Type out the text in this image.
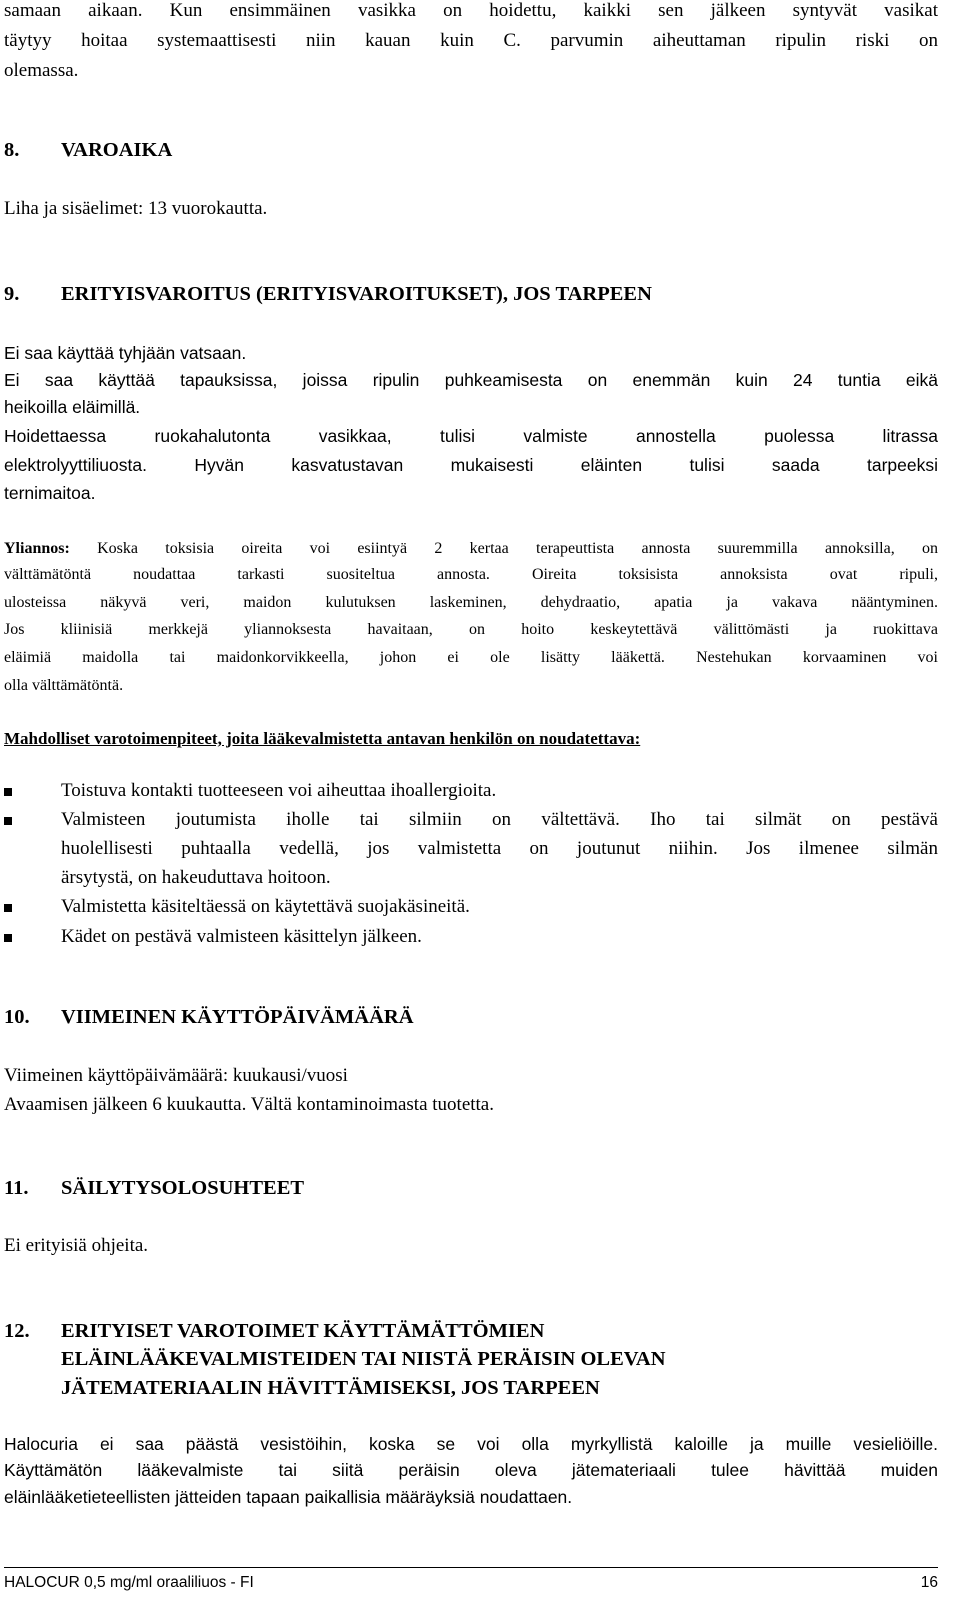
samaan aikaan. Kun ensimmäinen vasikka on hoidettu, kaikki sen jälkeen syntyvät vasikat
täytyy hoitaa systemaattisesti niin kauan kuin C. parvumin aiheuttaman ripulin riski on
olemassa.
8. VAROAIKA
Liha ja sisäelimet: 13 vuorokautta.
9. ERITYISVAROITUS (ERITYISVAROITUKSET), JOS TARPEEN
Ei saa käyttää tyhjään vatsaan.
Ei saa käyttää tapauksissa, joissa ripulin puhkeamisesta on enemmän kuin 24 tuntia eikä
heikoilla eläimillä.
Hoidettaessa ruokahalutonta vasikkaa, tulisi valmiste annostella puolessa litrassa
elektrolyyttiliuosta. Hyvän kasvatustavan mukaisesti eläinten tulisi saada tarpeeksi
ternimaitoa.
Yliannos: Koska toksisia oireita voi esiintyä 2 kertaa terapeuttista annosta suuremmilla annoksilla, on
välttämätöntä noudattaa tarkasti suositeltua annosta. Oireita toksisista annoksista ovat ripuli,
ulosteissa näkyvä veri, maidon kulutuksen laskeminen, dehydraatio, apatia ja vakava nääntyminen.
Jos kliinisiä merkkejä yliannoksesta havaitaan, on hoito keskeytettävä välittömästi ja ruokittava
eläimiä maidolla tai maidonkorvikkeella, johon ei ole lisätty lääkettä. Nestehukan korvaaminen voi
olla välttämätöntä.
Mahdolliset varotoimenpiteet, joita lääkevalmistetta antavan henkilön on noudatettava:
Toistuva kontakti tuotteeseen voi aiheuttaa ihoallergioita.
Valmisteen joutumista iholle tai silmiin on vältettävä. Iho tai silmät on pestävä
huolellisesti puhtaalla vedellä, jos valmistetta on joutunut niihin. Jos ilmenee silmän
ärsytystä, on hakeuduttava hoitoon.
Valmistetta käsiteltäessä on käytettävä suojakäsineitä.
Kädet on pestävä valmisteen käsittelyn jälkeen.
10. VIIMEINEN KÄYTTÖPÄIVÄMÄÄRÄ
Viimeinen käyttöpäivämäärä: kuukausi/vuosi
Avaamisen jälkeen 6 kuukautta. Vältä kontaminoimasta tuotetta.
11. SÄILYTYSOLOSUHTEET
Ei erityisiä ohjeita.
12. ERITYISET VAROTOIMET KÄYTTÄMÄTTÖMIEN
ELÄINLÄÄKEVALMISTEIDEN TAI NIISTÄ PERÄISIN OLEVAN
JÄTEMATERIAALIN HÄVITTÄMISEKSI, JOS TARPEEN
Halocuria ei saa päästä vesistöihin, koska se voi olla myrkyllistä kaloille ja muille vesieliöille.
Käyttämätön lääkevalmiste tai siitä peräisin oleva jätemateriaali tulee hävittää muiden
eläinlääketieteellisten jätteiden tapaan paikallisia määräyksiä noudattaen.
HALOCUR 0,5 mg/ml oraaliliuos - FI	16
